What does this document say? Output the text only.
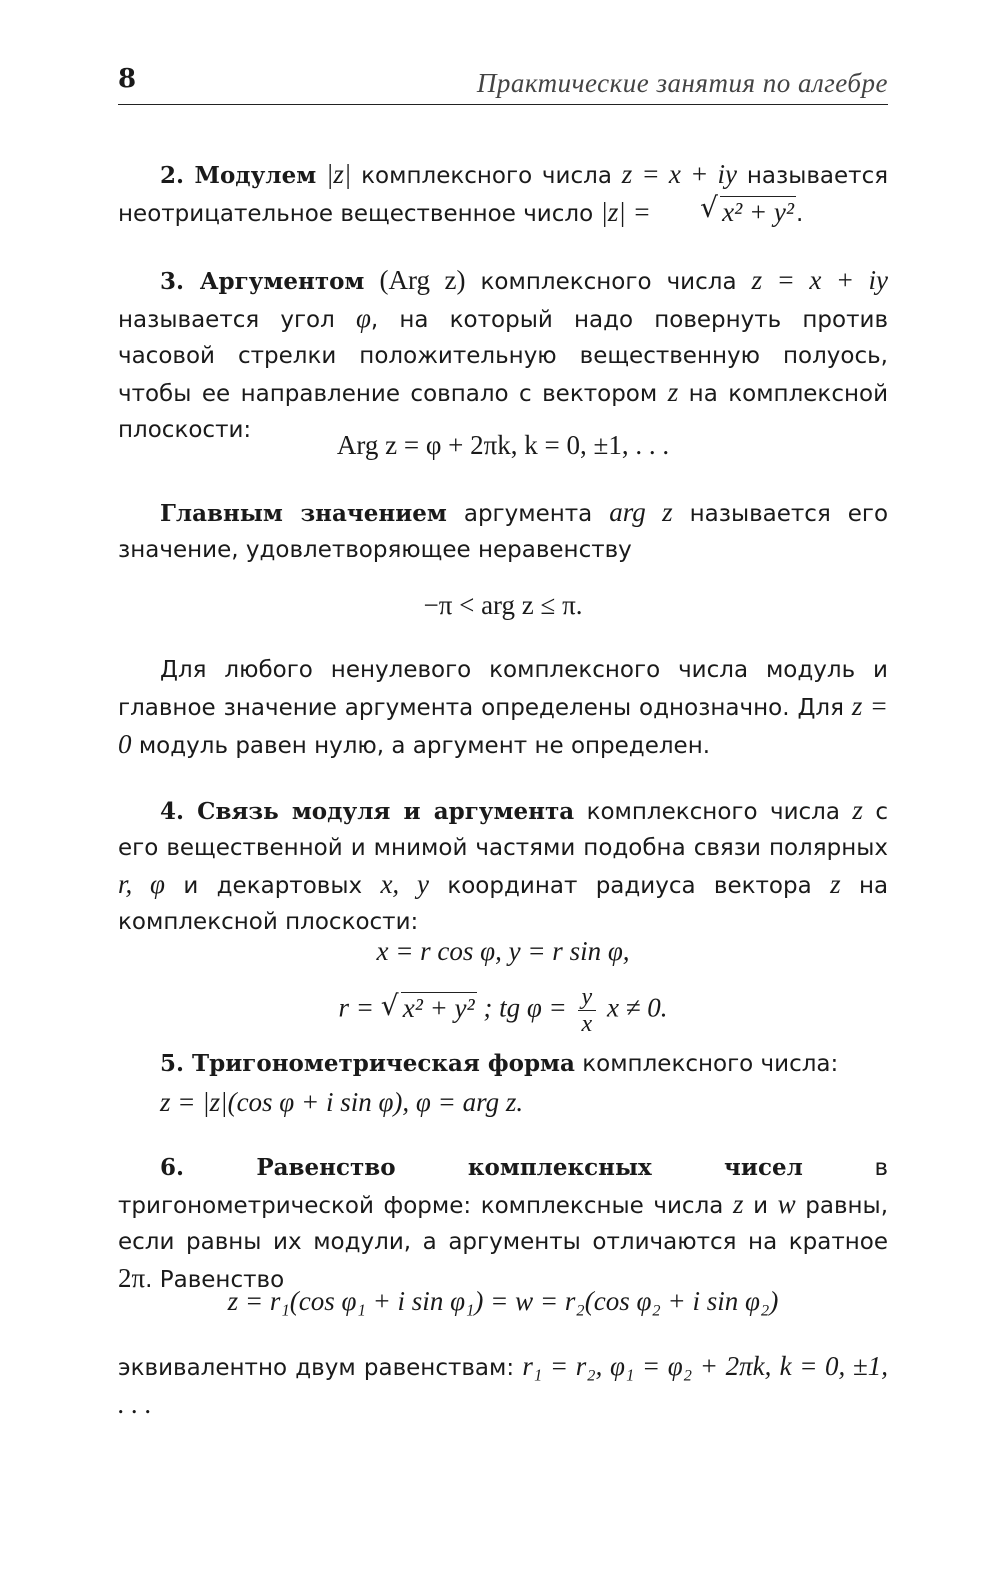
8	Практические занятия по алгебре
2. Модулем |z| комплексного числа z = x + iy называется неотрицательное вещественное число |z| =	√ x² + y².
3. Аргументом (Arg z) комплексного числа z = x + iy называется угол φ, на который надо повернуть против часовой стрелки положительную вещественную полуось, чтобы ее направление совпало с вектором z на комплексной плоскости:	Arg z = φ + 2πk, k = 0, ±1, . . .
Главным значением аргумента arg z называется его значение, удовлетворяющее неравенству
−π < arg z ≤ π.
Для любого ненулевого комплексного числа модуль и главное значение аргумента определены однозначно. Для z = 0 модуль равен нулю, а аргумент не определен.
4. Связь модуля и аргумента комплексного числа z с его вещественной и мнимой частями подобна связи полярных r, φ и декартовых x, y координат радиуса вектора z на комплексной плоскости:
x = r cos φ, y = r sin φ,
r = √ x² + y² ; tg $\varphi = \frac{y}{x}$ x ≠ 0.
5. Тригонометрическая форма комплексного числа:
z = |z|(cos φ + i sin φ), φ = arg z.
6. Равенство комплексных чисел	в тригонометрической форме: комплексные числа z и w равны, если равны их модули, а аргументы отличаются на кратное 2π. Равенство
z = r₁(cos φ₁ + i sin φ₁) = w = r₂(cos φ₂ + i sin φ₂)
эквивалентно двум равенствам: r₁ = r₂, φ₁ = φ₂ + 2πk, k = 0, ±1, . . .
